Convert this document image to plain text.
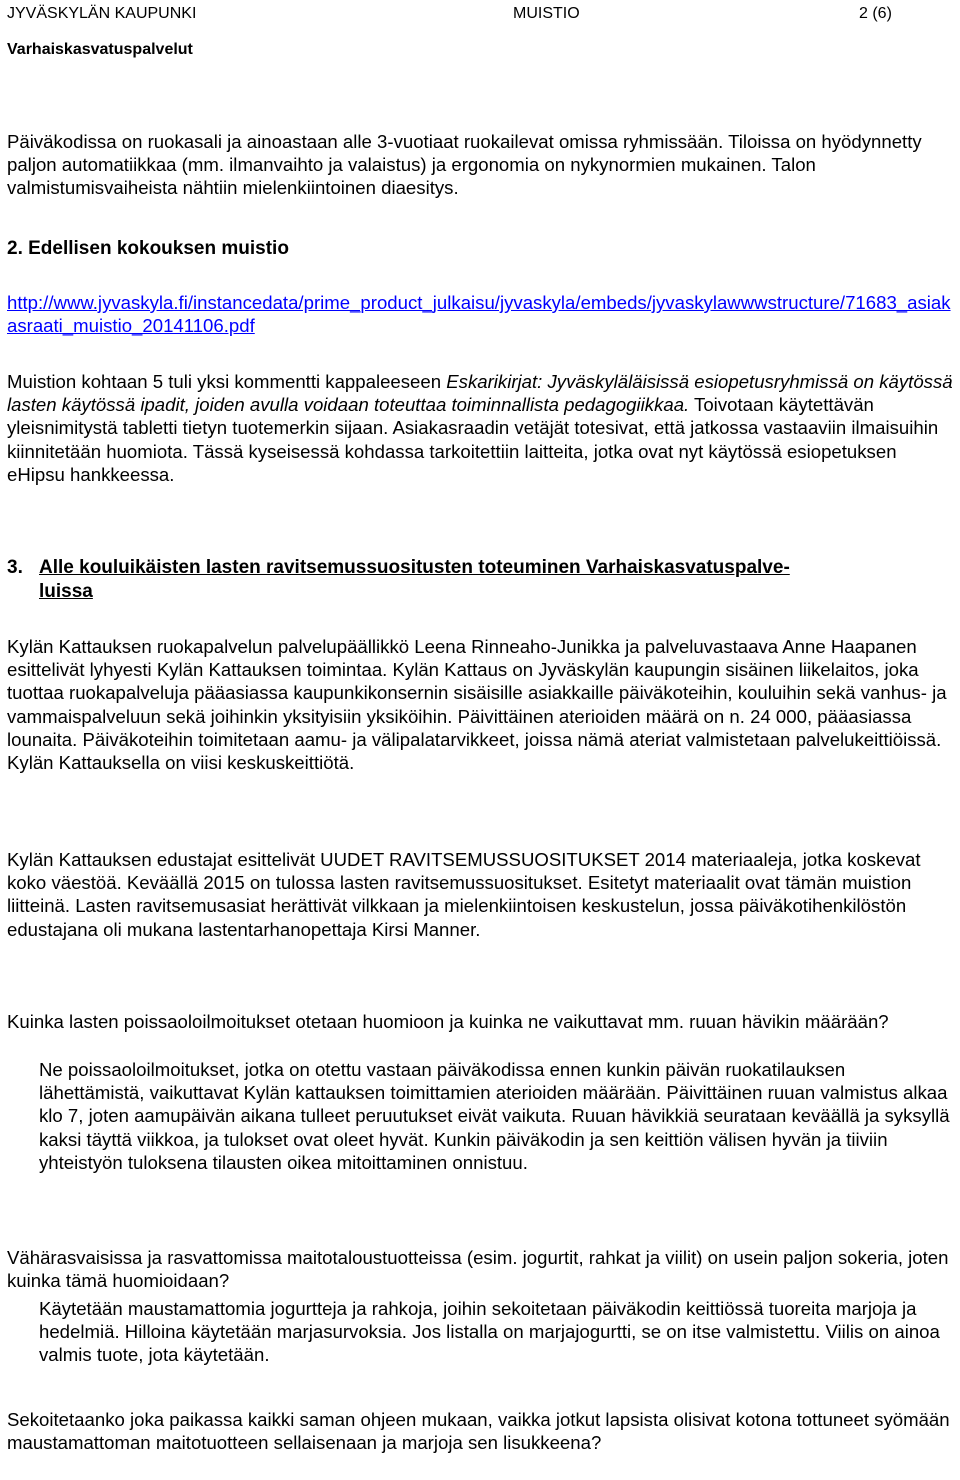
JYVÄSKYLÄN KAUPUNKI	MUISTIO	2 (6)
Varhaiskasvatuspalvelut

Päiväkodissa on ruokasali ja ainoastaan alle 3-vuotiaat ruokailevat omissa ryhmissään. Tiloissa on hyödynnetty paljon automatiikkaa (mm. ilmanvaihto ja valaistus) ja ergonomia on nykynormien mukainen. Talon valmistumisvaiheista nähtiin mielenkiintoinen diaesitys.

2. Edellisen kokouksen muistio
http://www.jyvaskyla.fi/instancedata/prime_product_julkaisu/jyvaskyla/embeds/jyvaskylawwwstructure/71683_asiakasraati_muistio_20141106.pdf

Muistion kohtaan 5 tuli yksi kommentti kappaleeseen Eskarikirjat: Jyväskyläläisissä esiopetusryhmissä on käytössä lasten käytössä ipadit, joiden avulla voidaan toteuttaa toiminnallista pedagogiikkaa. Toivotaan käytettävän yleisnimitystä tabletti tietyn tuotemerkin sijaan. Asiakasraadin vetäjät totesivat, että jatkossa vastaaviin ilmaisuihin kiinnitetään huomiota. Tässä kyseisessä kohdassa tarkoitettiin laitteita, jotka ovat nyt käytössä esiopetuksen eHipsu hankkeessa.

3. Alle kouluikäisten lasten ravitsemussuositusten toteuminen Varhaiskasvatuspalve-
luissa

Kylän Kattauksen ruokapalvelun palvelupäällikkö Leena Rinneaho-Junikka ja palveluvastaava Anne Haapanen esittelivät lyhyesti Kylän Kattauksen toimintaa. Kylän Kattaus on Jyväskylän kaupungin sisäinen liikelaitos, joka tuottaa ruokapalveluja pääasiassa kaupunkikonsernin sisäisille asiakkaille päiväkoteihin, kouluihin sekä vanhus- ja vammaispalveluun sekä joihinkin yksityisiin yksiköihin. Päivittäinen aterioiden määrä on n. 24 000, pääasiassa lounaita. Päiväkoteihin toimitetaan aamu- ja välipalatarvikkeet, joissa nämä ateriat valmistetaan palvelukeittiöissä. Kylän Kattauksella on viisi keskuskeittiötä.

Kylän Kattauksen edustajat esittelivät UUDET RAVITSEMUSSUOSITUKSET 2014 materiaaleja, jotka koskevat koko väestöä. Keväällä 2015 on tulossa lasten ravitsemussuositukset. Esitetyt materiaalit ovat tämän muistion liitteinä. Lasten ravitsemusasiat herättivät vilkkaan ja mielenkiintoisen keskustelun, jossa päiväkotihenkilöstön edustajana oli mukana lastentarhanopettaja Kirsi Manner.

Kuinka lasten poissaoloilmoitukset otetaan huomioon ja kuinka ne vaikuttavat mm. ruuan hävikin määrään?

Ne poissaoloilmoitukset, jotka on otettu vastaan päiväkodissa ennen kunkin päivän ruokatilauksen lähettämistä, vaikuttavat Kylän kattauksen toimittamien aterioiden määrään. Päivittäinen ruuan valmistus alkaa klo 7, joten aamupäivän aikana tulleet peruutukset eivät vaikuta. Ruuan hävikkiä seurataan keväällä ja syksyllä kaksi täyttä viikkoa, ja tulokset ovat oleet hyvät. Kunkin päiväkodin ja sen keittiön välisen hyvän ja tiiviin yhteistyön tuloksena tilausten oikea mitoittaminen onnistuu.

Vähärasvaisissa ja rasvattomissa maitotaloustuotteissa (esim. jogurtit, rahkat ja viilit) on usein paljon sokeria, joten kuinka tämä huomioidaan?

Käytetään maustamattomia jogurtteja ja rahkoja, joihin sekoitetaan päiväkodin keittiössä tuoreita marjoja ja hedelmiä. Hilloina käytetään marjasurvoksia. Jos listalla on marjajogurtti, se on itse valmistettu. Viilis on ainoa valmis tuote, jota käytetään.

Sekoitetaanko joka paikassa kaikki saman ohjeen mukaan, vaikka jotkut lapsista olisivat kotona tottuneet syömään maustamattoman maitotuotteen sellaisenaan ja marjoja sen lisukkeena?
